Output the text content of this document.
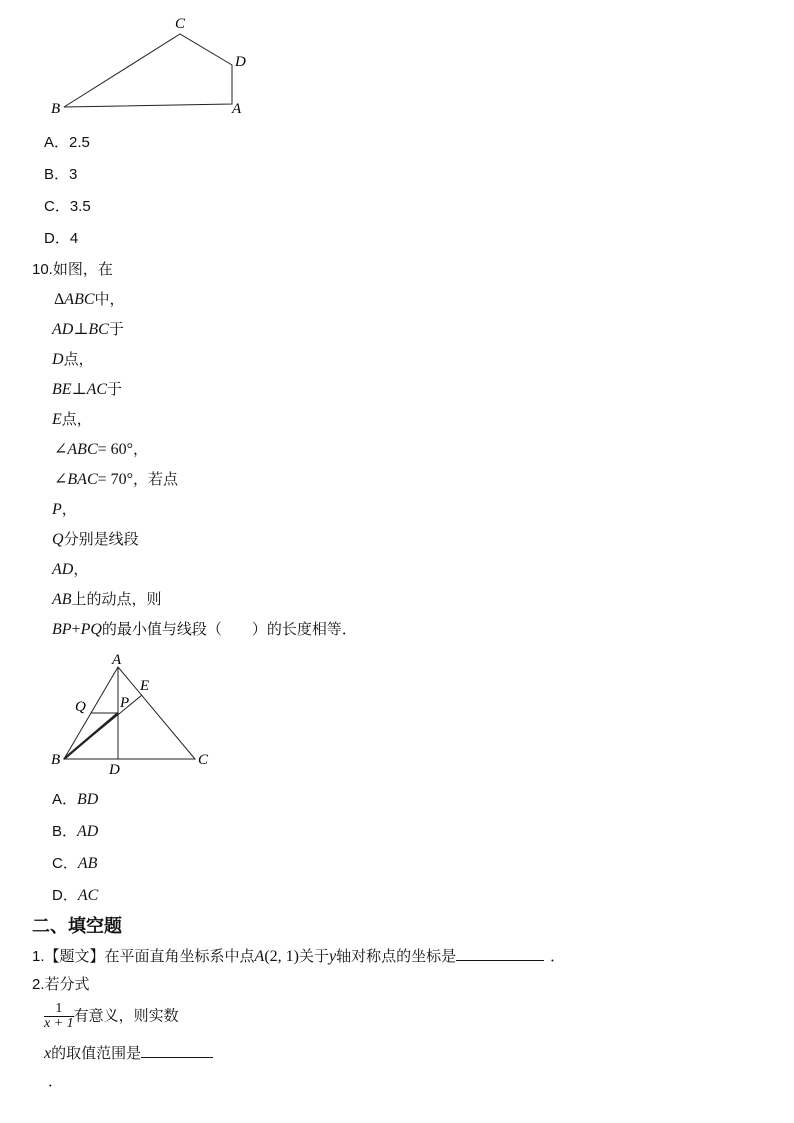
C
D
B	A
A．2.5
B．3
C．3.5
D．4
10.如图，在
ΔABC中，
AD⊥BC于
D点，
BE⊥AC于
E点，
∠ABC= 60°，
∠BAC= 70°，若点
P，
Q分别是线段
AD，
AB上的动点，则
BP+PQ的最小值与线段（　　）的长度相等．
A
E
Q P
B	C
D
A．BD
B．AD
C．AB
D．AC
二、填空题
1.【题文】在平面直角坐标系中点A(2, 1)关于y轴对称点的坐标是	．
2.若分式
$\frac{1}{x + 1}$ 有意义，则实数
x的取值范围是
．
